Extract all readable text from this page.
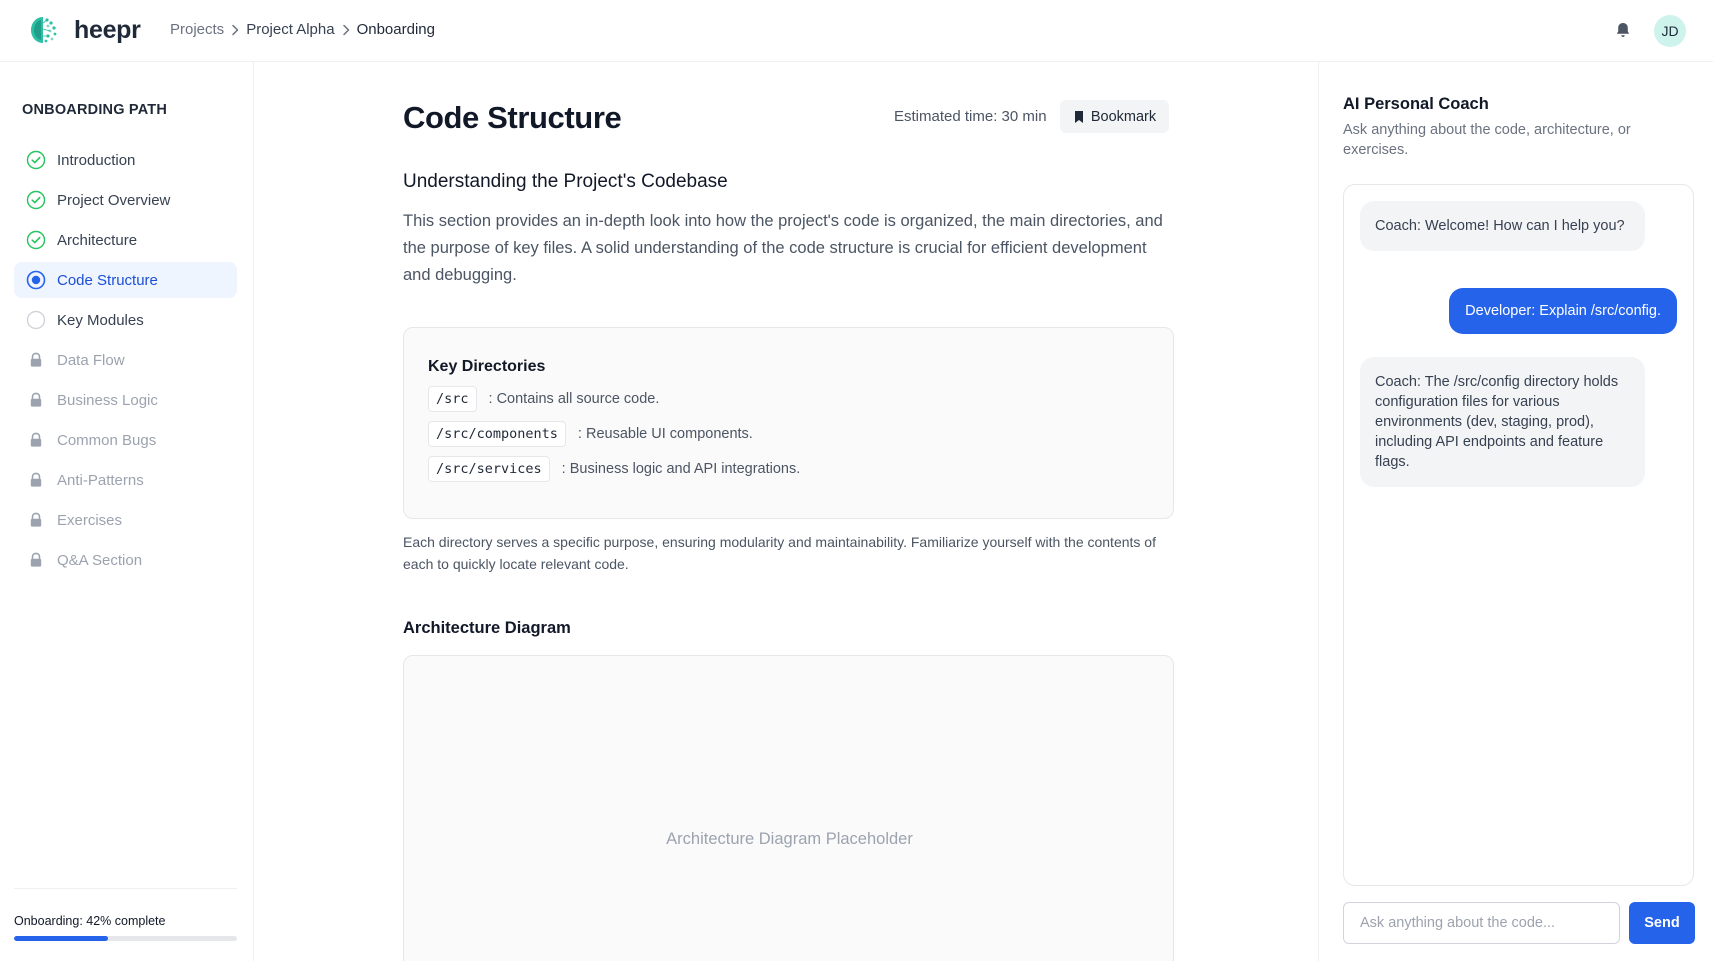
heepr Projects Project Alpha Onboarding	JD
ONBOARDING PATH
Introduction
Project Overview
Architecture
Code Structure
Key Modules
Data Flow
Business Logic
Common Bugs
Anti-Patterns
Exercises
Q&A Section
Onboarding: 42% complete
Code Structure	Estimated time: 30 min	Bookmark
Understanding the Project's Codebase

This section provides an in-depth look into how the project's code is organized, the main directories, and the purpose of key files. A solid understanding of the code structure is crucial for efficient development and debugging.

Key Directories
/src	: Contains all source code.
/src/components	: Reusable UI components.
/src/services	: Business logic and API integrations.

Each directory serves a specific purpose, ensuring modularity and maintainability. Familiarize yourself with the contents of each to quickly locate relevant code.

Architecture Diagram
Architecture Diagram Placeholder
AI Personal Coach
Ask anything about the code, architecture, or exercises.
Coach: Welcome! How can I help you?
Developer: Explain /src/config.
Coach: The /src/config directory holds configuration files for various environments (dev, staging, prod), including API endpoints and feature flags.
Ask anything about the code...
Send
